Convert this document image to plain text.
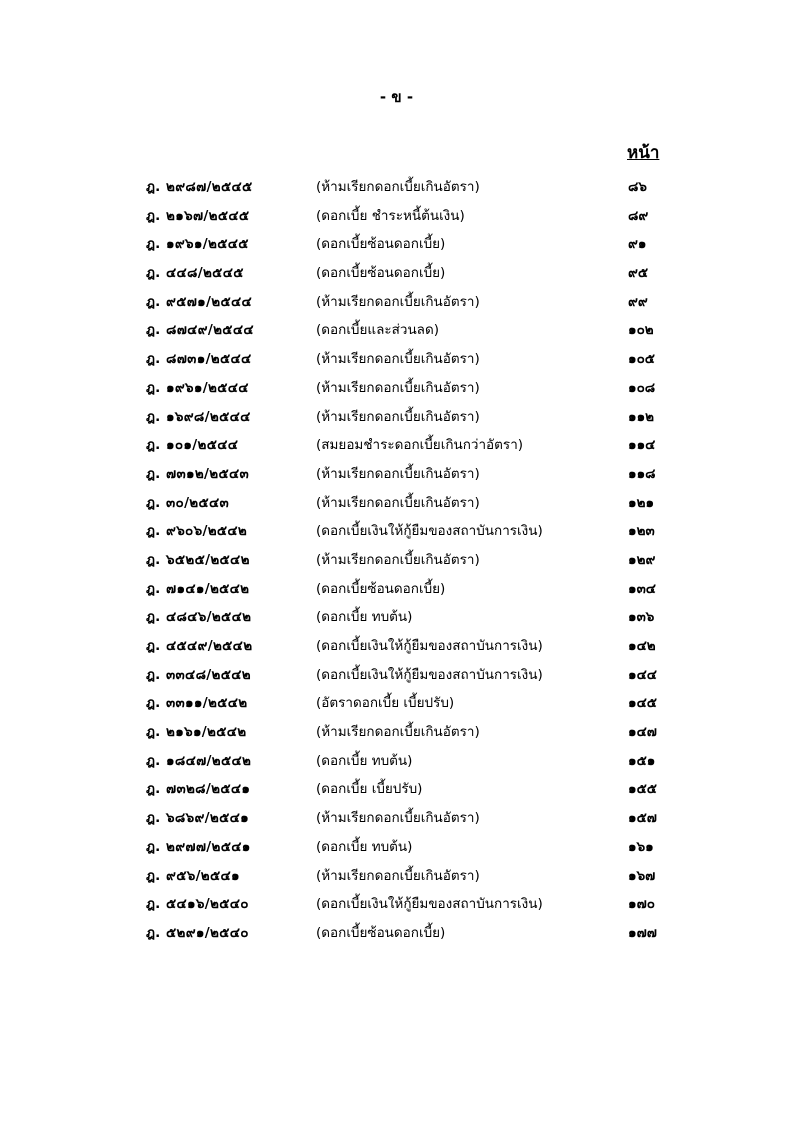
- ข -
หน้า
ฎ. ๒๙๘๗/๒๕๔๕	(ห้ามเรียกดอกเบี้ยเกินอัตรา)	๘๖
ฎ. ๒๑๖๗/๒๕๔๕	(ดอกเบี้ย ชำระหนี้ต้นเงิน)	๘๙
ฎ. ๑๙๖๑/๒๕๔๕	(ดอกเบี้ยซ้อนดอกเบี้ย)	๙๑
ฎ. ๔๔๘/๒๕๔๕	(ดอกเบี้ยซ้อนดอกเบี้ย)	๙๕
ฎ. ๙๕๗๑/๒๕๔๔	(ห้ามเรียกดอกเบี้ยเกินอัตรา)	๙๙
ฎ. ๘๗๔๙/๒๕๔๔	(ดอกเบี้ยและส่วนลด)	๑๐๒
ฎ. ๘๗๓๑/๒๕๔๔	(ห้ามเรียกดอกเบี้ยเกินอัตรา)	๑๐๕
ฎ. ๑๙๖๑/๒๕๔๔	(ห้ามเรียกดอกเบี้ยเกินอัตรา)	๑๐๘
ฎ. ๑๖๙๘/๒๕๔๔	(ห้ามเรียกดอกเบี้ยเกินอัตรา)	๑๑๒
ฎ. ๑๐๑/๒๕๔๔	(สมยอมชำระดอกเบี้ยเกินกว่าอัตรา)	๑๑๔
ฎ. ๗๓๑๒/๒๕๔๓	(ห้ามเรียกดอกเบี้ยเกินอัตรา)	๑๑๘
ฎ. ๓๐/๒๕๔๓	(ห้ามเรียกดอกเบี้ยเกินอัตรา)	๑๒๑
ฎ. ๙๖๐๖/๒๕๔๒	(ดอกเบี้ยเงินให้กู้ยืมของสถาบันการเงิน)	๑๒๓
ฎ. ๖๕๒๕/๒๕๔๒	(ห้ามเรียกดอกเบี้ยเกินอัตรา)	๑๒๙
ฎ. ๗๑๔๑/๒๕๔๒	(ดอกเบี้ยซ้อนดอกเบี้ย)	๑๓๔
ฎ. ๔๘๔๖/๒๕๔๒	(ดอกเบี้ย ทบต้น)	๑๓๖
ฎ. ๔๕๔๙/๒๕๔๒	(ดอกเบี้ยเงินให้กู้ยืมของสถาบันการเงิน)	๑๔๒
ฎ. ๓๓๔๘/๒๕๔๒	(ดอกเบี้ยเงินให้กู้ยืมของสถาบันการเงิน)	๑๔๔
ฎ. ๓๓๑๑/๒๕๔๒	(อัตราดอกเบี้ย เบี้ยปรับ)	๑๔๕
ฎ. ๒๑๖๑/๒๕๔๒	(ห้ามเรียกดอกเบี้ยเกินอัตรา)	๑๔๗
ฎ. ๑๘๔๗/๒๕๔๒	(ดอกเบี้ย ทบต้น)	๑๕๑
ฎ. ๗๓๒๘/๒๕๔๑	(ดอกเบี้ย เบี้ยปรับ)	๑๕๕
ฎ. ๖๘๖๙/๒๕๔๑	(ห้ามเรียกดอกเบี้ยเกินอัตรา)	๑๕๗
ฎ. ๒๙๗๗/๒๕๔๑	(ดอกเบี้ย ทบต้น)	๑๖๑
ฎ. ๙๕๖/๒๕๔๑	(ห้ามเรียกดอกเบี้ยเกินอัตรา)	๑๖๗
ฎ. ๕๔๑๖/๒๕๔๐	(ดอกเบี้ยเงินให้กู้ยืมของสถาบันการเงิน)	๑๗๐
ฎ. ๕๒๙๑/๒๕๔๐	(ดอกเบี้ยซ้อนดอกเบี้ย)	๑๗๗
